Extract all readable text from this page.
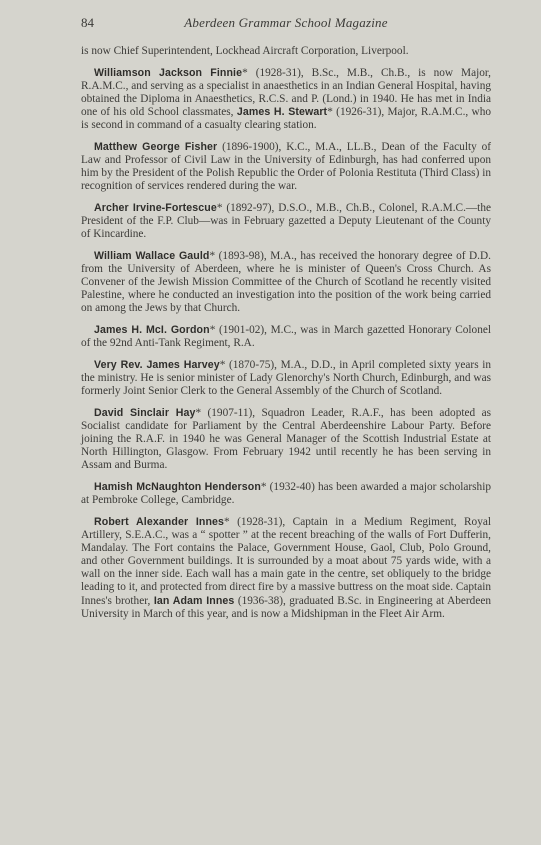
84	Aberdeen Grammar School Magazine

is now Chief Superintendent, Lockhead Aircraft Corporation, Liverpool.

Williamson Jackson Finnie* (1928-31), B.Sc., M.B., Ch.B., is now Major, R.A.M.C., and serving as a specialist in anaesthetics in an Indian General Hospital, having obtained the Diploma in Anaesthetics, R.C.S. and P. (Lond.) in 1940. He has met in India one of his old School classmates, James H. Stewart* (1926-31), Major, R.A.M.C., who is second in command of a casualty clearing station.

Matthew George Fisher (1896-1900), K.C., M.A., LL.B., Dean of the Faculty of Law and Professor of Civil Law in the University of Edinburgh, has had conferred upon him by the President of the Polish Republic the Order of Polonia Restituta (Third Class) in recognition of services rendered during the war.

Archer Irvine-Fortescue* (1892-97), D.S.O., M.B., Ch.B., Colonel, R.A.M.C.—the President of the F.P. Club—was in February gazetted a Deputy Lieutenant of the County of Kincardine.

William Wallace Gauld* (1893-98), M.A., has received the honorary degree of D.D. from the University of Aberdeen, where he is minister of Queen's Cross Church. As Convener of the Jewish Mission Committee of the Church of Scotland he recently visited Palestine, where he conducted an investigation into the position of the work being carried on among the Jews by that Church.

James H. McI. Gordon* (1901-02), M.C., was in March gazetted Honorary Colonel of the 92nd Anti-Tank Regiment, R.A.

Very Rev. James Harvey* (1870-75), M.A., D.D., in April completed sixty years in the ministry. He is senior minister of Lady Glenorchy's North Church, Edinburgh, and was formerly Joint Senior Clerk to the General Assembly of the Church of Scotland.

David Sinclair Hay* (1907-11), Squadron Leader, R.A.F., has been adopted as Socialist candidate for Parliament by the Central Aberdeenshire Labour Party. Before joining the R.A.F. in 1940 he was General Manager of the Scottish Industrial Estate at North Hillington, Glasgow. From February 1942 until recently he has been serving in Assam and Burma.

Hamish McNaughton Henderson* (1932-40) has been awarded a major scholarship at Pembroke College, Cambridge.

Robert Alexander Innes* (1928-31), Captain in a Medium Regiment, Royal Artillery, S.E.A.C., was a “ spotter ” at the recent breaching of the walls of Fort Dufferin, Mandalay. The Fort contains the Palace, Government House, Gaol, Club, Polo Ground, and other Government buildings. It is surrounded by a moat about 75 yards wide, with a wall on the inner side. Each wall has a main gate in the centre, set obliquely to the bridge leading to it, and protected from direct fire by a massive buttress on the moat side. Captain Innes's brother, Ian Adam Innes (1936-38), graduated B.Sc. in Engineering at Aberdeen University in March of this year, and is now a Midshipman in the Fleet Air Arm.
